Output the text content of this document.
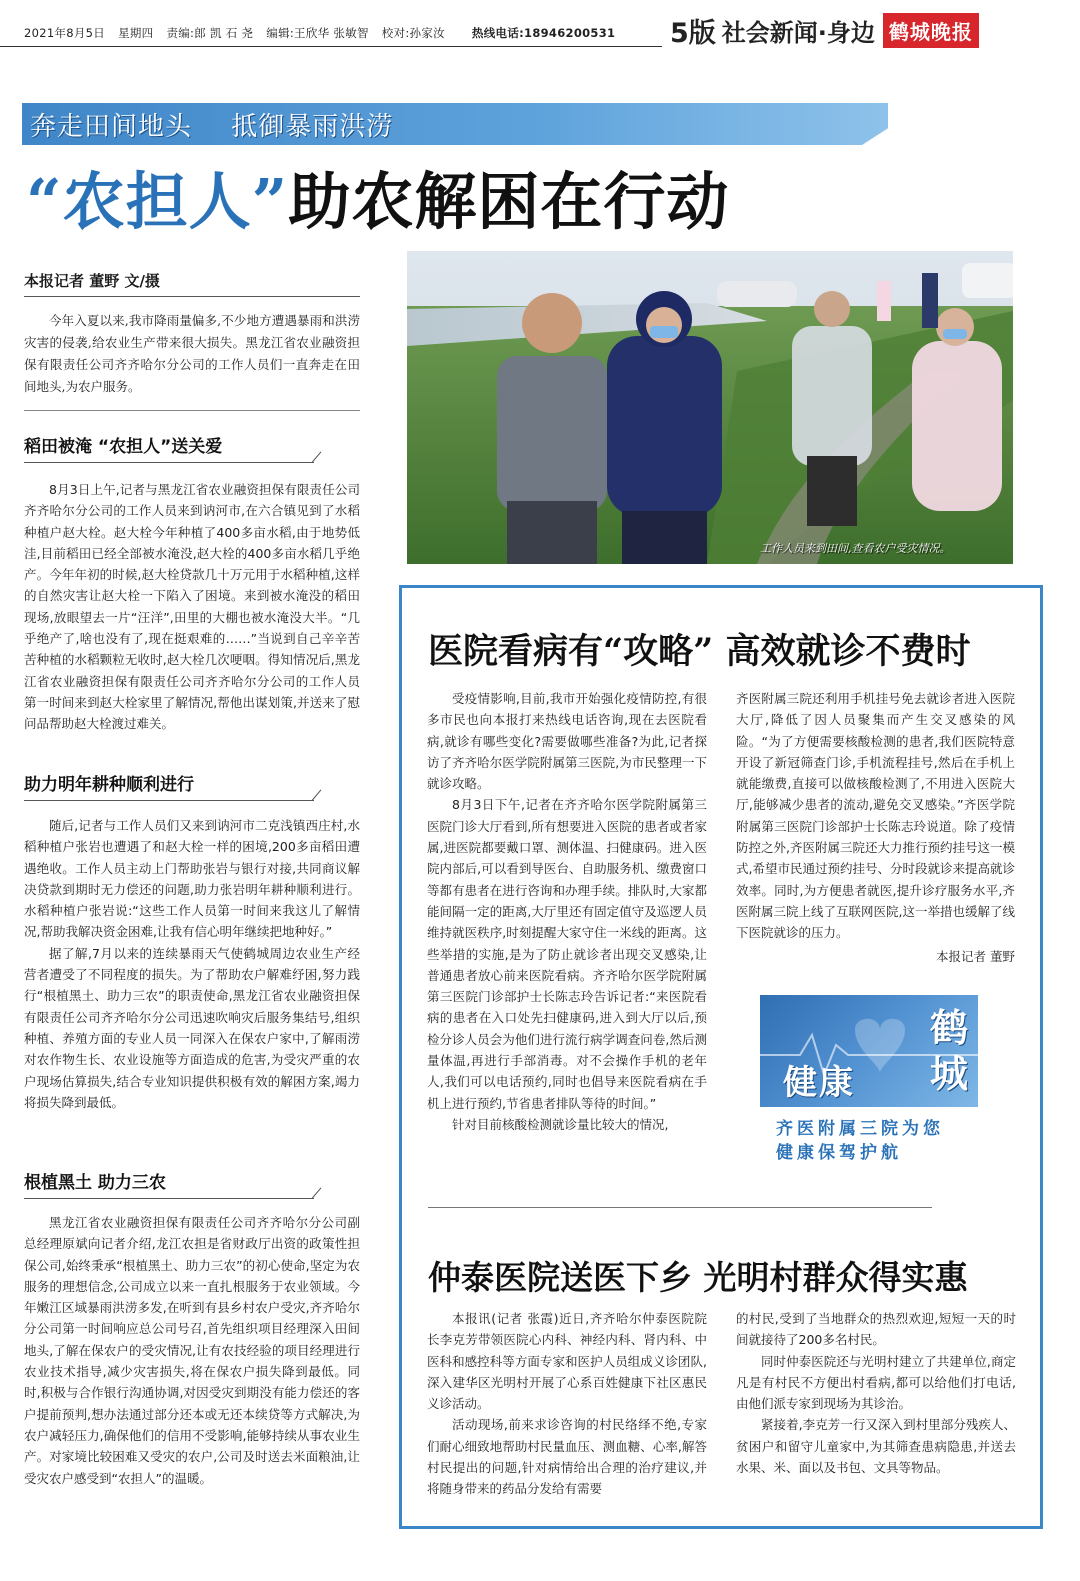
2021年8月5日 星期四 责编:郎 凯 石 尧 编辑:王欣华 张敏智 校对:孙家汝 热线电话:18946200531	5版 社会新闻·身边 鹤城晚报
奔走田间地头 抵御暴雨洪涝
“农担人”助农解困在行动
本报记者 董野 文/摄
今年入夏以来,我市降雨量偏多,不少地方遭遇暴雨和洪涝灾害的侵袭,给农业生产带来很大损失。黑龙江省农业融资担保有限责任公司齐齐哈尔分公司的工作人员们一直奔走在田间地头,为农户服务。
稻田被淹 “农担人”送关爱

8月3日上午,记者与黑龙江省农业融资担保有限责任公司齐齐哈尔分公司的工作人员来到讷河市,在六合镇见到了水稻种植户赵大栓。赵大栓今年种植了400多亩水稻,由于地势低洼,目前稻田已经全部被水淹没,赵大栓的400多亩水稻几乎绝产。今年年初的时候,赵大栓贷款几十万元用于水稻种植,这样的自然灾害让赵大栓一下陷入了困境。来到被水淹没的稻田现场,放眼望去一片“汪洋”,田里的大棚也被水淹没大半。“几乎绝产了,啥也没有了,现在挺艰难的……”当说到自己辛辛苦苦种植的水稻颗粒无收时,赵大栓几次哽咽。得知情况后,黑龙江省农业融资担保有限责任公司齐齐哈尔分公司的工作人员第一时间来到赵大栓家里了解情况,帮他出谋划策,并送来了慰问品帮助赵大栓渡过难关。

助力明年耕种顺利进行

随后,记者与工作人员们又来到讷河市二克浅镇西庄村,水稻种植户张岩也遭遇了和赵大栓一样的困境,200多亩稻田遭遇绝收。工作人员主动上门帮助张岩与银行对接,共同商议解决贷款到期时无力偿还的问题,助力张岩明年耕种顺利进行。水稻种植户张岩说:“这些工作人员第一时间来我这儿了解情况,帮助我解决资金困难,让我有信心明年继续把地种好。”

据了解,7月以来的连续暴雨天气使鹤城周边农业生产经营者遭受了不同程度的损失。为了帮助农户解难纾困,努力践行“根植黑土、助力三农”的职责使命,黑龙江省农业融资担保有限责任公司齐齐哈尔分公司迅速吹响灾后服务集结号,组织种植、养殖方面的专业人员一同深入在保农户家中,了解雨涝对农作物生长、农业设施等方面造成的危害,为受灾严重的农户现场估算损失,结合专业知识提供积极有效的解困方案,竭力将损失降到最低。

根植黑土 助力三农

黑龙江省农业融资担保有限责任公司齐齐哈尔分公司副总经理原斌向记者介绍,龙江农担是省财政厅出资的政策性担保公司,始终秉承“根植黑土、助力三农”的初心使命,坚定为农服务的理想信念,公司成立以来一直扎根服务于农业领域。今年嫩江区域暴雨洪涝多发,在听到有县乡村农户受灾,齐齐哈尔分公司第一时间响应总公司号召,首先组织项目经理深入田间地头,了解在保农户的受灾情况,让有农技经验的项目经理进行农业技术指导,减少灾害损失,将在保农户损失降到最低。同时,积极与合作银行沟通协调,对因受灾到期没有能力偿还的客户提前预判,想办法通过部分还本或无还本续贷等方式解决,为农户减轻压力,确保他们的信用不受影响,能够持续从事农业生产。对家境比较困难又受灾的农户,公司及时送去米面粮油,让受灾农户感受到“农担人”的温暖。

工作人员来到田间,查看农户受灾情况。
医院看病有“攻略” 高效就诊不费时

受疫情影响,目前,我市开始强化疫情防控,有很多市民也向本报打来热线电话咨询,现在去医院看病,就诊有哪些变化?需要做哪些准备?为此,记者探访了齐齐哈尔医学院附属第三医院,为市民整理一下就诊攻略。

8月3日下午,记者在齐齐哈尔医学院附属第三医院门诊大厅看到,所有想要进入医院的患者或者家属,进医院都要戴口罩、测体温、扫健康码。进入医院内部后,可以看到导医台、自助服务机、缴费窗口等都有患者在进行咨询和办理手续。排队时,大家都能间隔一定的距离,大厅里还有固定值守及巡逻人员维持就医秩序,时刻提醒大家守住一米线的距离。这些举措的实施,是为了防止就诊者出现交叉感染,让普通患者放心前来医院看病。齐齐哈尔医学院附属第三医院门诊部护士长陈志玲告诉记者:“来医院看病的患者在入口处先扫健康码,进入到大厅以后,预检分诊人员会为他们进行流行病学调查问卷,然后测量体温,再进行手部消毒。对不会操作手机的老年人,我们可以电话预约,同时也倡导来医院看病在手机上进行预约,节省患者排队等待的时间。”

针对目前核酸检测就诊量比较大的情况,

齐医附属三院还利用手机挂号免去就诊者进入医院大厅,降低了因人员聚集而产生交叉感染的风险。“为了方便需要核酸检测的患者,我们医院特意开设了新冠筛查门诊,手机流程挂号,然后在手机上就能缴费,直接可以做核酸检测了,不用进入医院大厅,能够减少患者的流动,避免交叉感染。”齐医学院附属第三医院门诊部护士长陈志玲说道。除了疫情防控之外,齐医附属三院还大力推行预约挂号这一模式,希望市民通过预约挂号、分时段就诊来提高就诊效率。同时,为方便患者就医,提升诊疗服务水平,齐医附属三院上线了互联网医院,这一举措也缓解了线下医院就诊的压力。

本报记者 董野
健康
鹤城
齐医附属三院为您
健康保驾护航
仲泰医院送医下乡 光明村群众得实惠

本报讯(记者 张霞)近日,齐齐哈尔仲泰医院院长李克芳带领医院心内科、神经内科、肾内科、中医科和感控科等方面专家和医护人员组成义诊团队,深入建华区光明村开展了心系百姓健康下社区惠民义诊活动。

活动现场,前来求诊咨询的村民络绎不绝,专家们耐心细致地帮助村民量血压、测血糖、心率,解答村民提出的问题,针对病情给出合理的治疗建议,并将随身带来的药品分发给有需要

的村民,受到了当地群众的热烈欢迎,短短一天的时间就接待了200多名村民。

同时仲泰医院还与光明村建立了共建单位,商定凡是有村民不方便出村看病,都可以给他们打电话,由他们派专家到现场为其诊治。

紧接着,李克芳一行又深入到村里部分残疾人、贫困户和留守儿童家中,为其筛查患病隐患,并送去水果、米、面以及书包、文具等物品。
